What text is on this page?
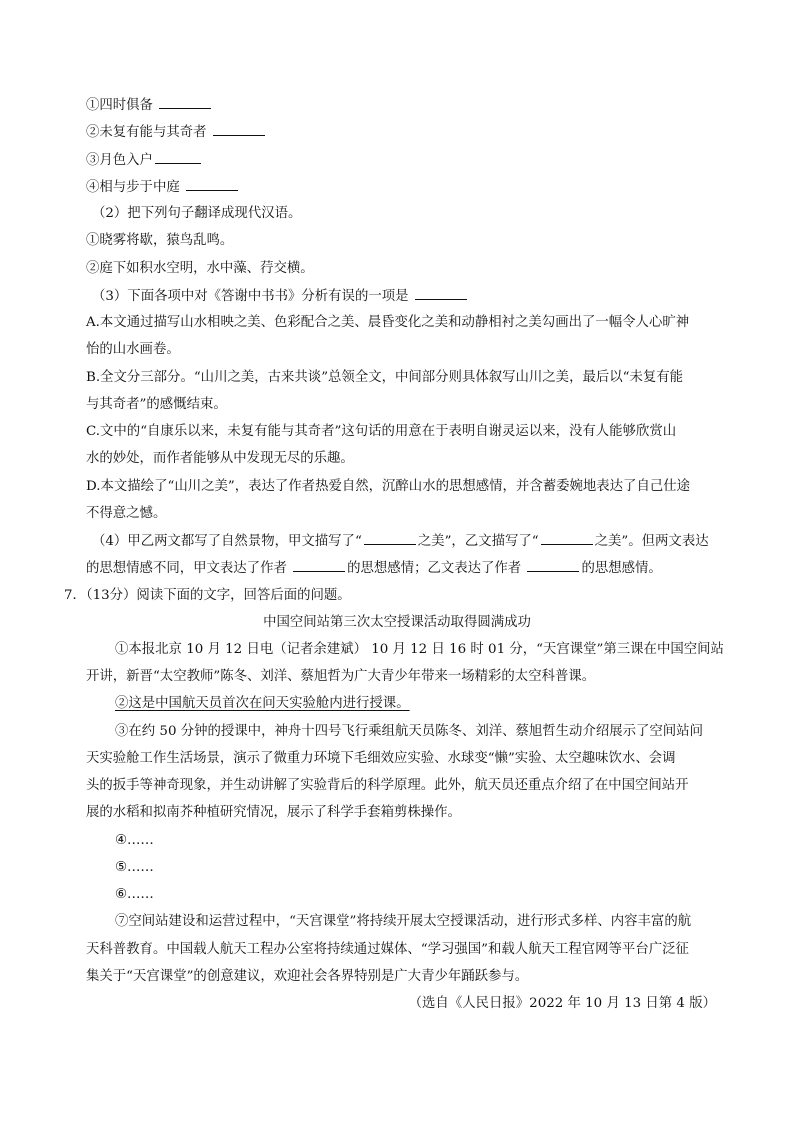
①四时俱备
②未复有能与其奇者
③月色入户
④相与步于中庭
（2）把下列句子翻译成现代汉语。
①晓雾将歇，猿鸟乱鸣。
②庭下如积水空明，水中藻、荇交横。
（3）下面各项中对《答谢中书书》分析有误的一项是
A.本文通过描写山水相映之美、色彩配合之美、晨昏变化之美和动静相衬之美勾画出了一幅令人心旷神
怡的山水画卷。
B.全文分三部分。“山川之美，古来共谈”总领全文，中间部分则具体叙写山川之美，最后以“未复有能
与其奇者”的感慨结束。
C.文中的“自康乐以来，未复有能与其奇者”这句话的用意在于表明自谢灵运以来，没有人能够欣赏山
水的妙处，而作者能够从中发现无尽的乐趣。
D.本文描绘了“山川之美”，表达了作者热爱自然，沉醉山水的思想感情，并含蓄委婉地表达了自己仕途
不得意之憾。
（4）甲乙两文都写了自然景物，甲文描写了“	之美”，乙文描写了“	之美”。但两文表达
的思想情感不同，甲文表达了作者	的思想感情；乙文表达了作者	的思想感情。
7．（13分）阅读下面的文字，回答后面的问题。
中国空间站第三次太空授课活动取得圆满成功
①本报北京 10 月 12 日电（记者余建斌） 10 月 12 日 16 时 01 分，“天宫课堂”第三课在中国空间站
开讲，新晋“太空教师”陈冬、刘洋、蔡旭哲为广大青少年带来一场精彩的太空科普课。
②这是中国航天员首次在问天实验舱内进行授课。
③在约 50 分钟的授课中，神舟十四号飞行乘组航天员陈冬、刘洋、蔡旭哲生动介绍展示了空间站问
天实验舱工作生活场景，演示了微重力环境下毛细效应实验、水球变“懒”实验、太空趣味饮水、会调
头的扳手等神奇现象，并生动讲解了实验背后的科学原理。此外，航天员还重点介绍了在中国空间站开
展的水稻和拟南芥种植研究情况，展示了科学手套箱剪株操作。
④……
⑤……
⑥……
⑦空间站建设和运营过程中，“天宫课堂”将持续开展太空授课活动，进行形式多样、内容丰富的航
天科普教育。中国载人航天工程办公室将持续通过媒体、“学习强国”和载人航天工程官网等平台广泛征
集关于“天宫课堂”的创意建议，欢迎社会各界特别是广大青少年踊跃参与。
（选自《人民日报》2022 年 10 月 13 日第 4 版）
